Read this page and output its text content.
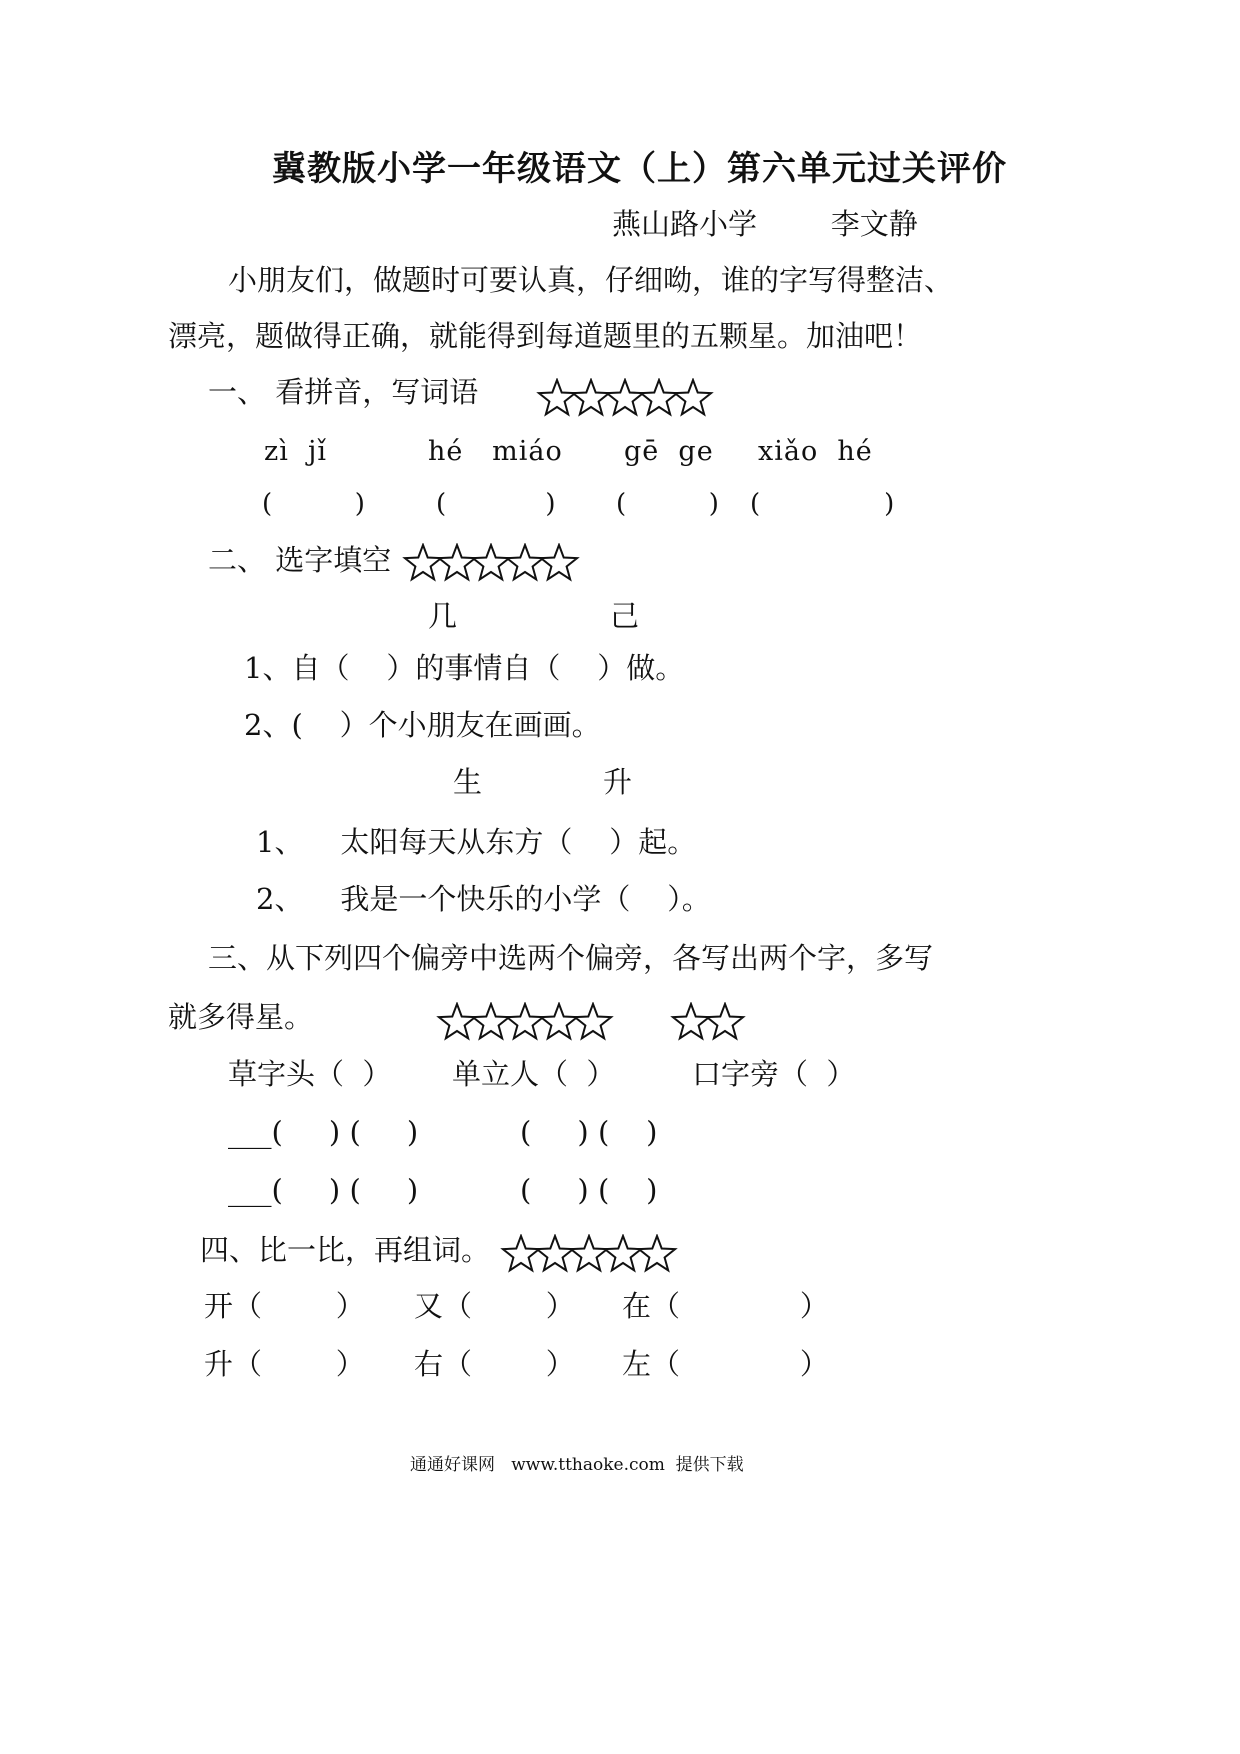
冀教版小学一年级语文（上）第六单元过关评价
燕山路小学        李文静
小朋友们，做题时可要认真，仔细呦，谁的字写得整洁、
漂亮，题做得正确，就能得到每道题里的五颗星。加油吧！
一、 看拼音，写词语
zì  jǐ	hé   miáo gē  ge xiǎo  hé
(          )	(            ) (          ) (               )
二、 选字填空
几	己
1、自（    ）的事情自（    ）做。
2、(    ）个小朋友在画画。
生	升
1、    太阳每天从东方（    ）起。
2、    我是一个快乐的小学（    ）。
三、从下列四个偏旁中选两个偏旁，各写出两个字，多写
就多得星。
草字头（  ） 单立人（  ）	口字旁（  ）
___(     ) (     )	(     ) (    )
___(     ) (     )	(     ) (    )
四、比一比，再组词。
开（        ） 又（        ） 在（             ）
升（        ） 右（        ） 左（             ）
通通好课网   www.tthaoke.com  提供下载
